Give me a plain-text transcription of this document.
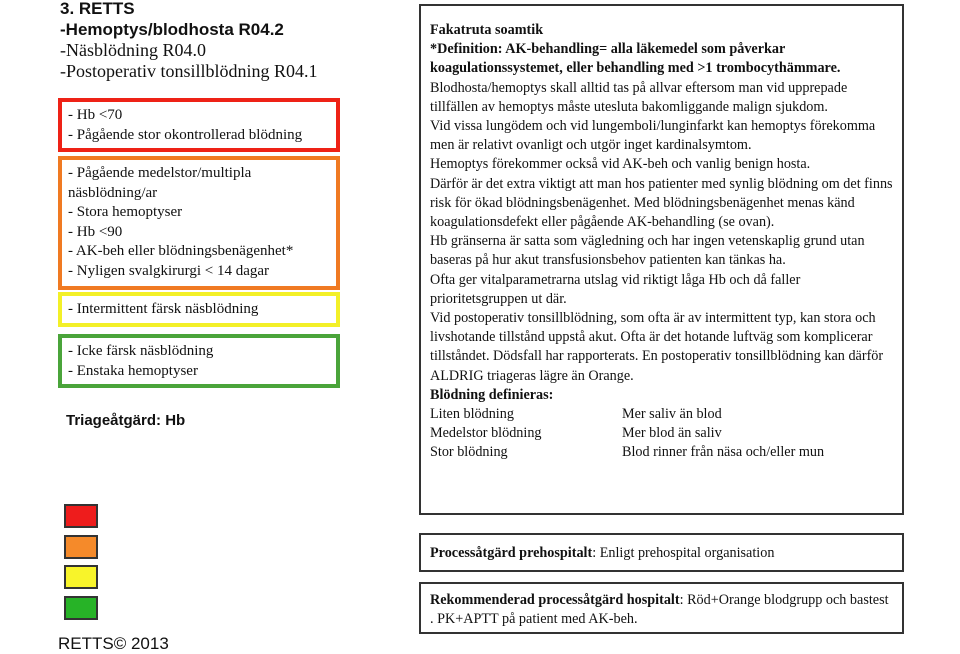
3. RETTS
-Hemoptys/blodhosta R04.2
-Näsblödning R04.0
-Postoperativ tonsillblödning R04.1
- Hb <70
- Pågående stor okontrollerad blödning
- Pågående medelstor/multipla
näsblödning/ar
- Stora hemoptyser
- Hb <90
- AK-beh eller blödningsbenägenhet*
- Nyligen svalgkirurgi < 14 dagar
- Intermittent färsk näsblödning
- Icke färsk näsblödning
- Enstaka hemoptyser
Triageåtgärd: Hb
RETTS© 2013
Fakatruta soamtik
*Definition: AK-behandling= alla läkemedel som påverkar koagulationssystemet, eller behandling med >1 trombocythämmare.
Blodhosta/hemoptys skall alltid tas på allvar eftersom man vid upprepade tillfällen av hemoptys måste utesluta bakomliggande malign sjukdom.
Vid vissa lungödem och vid lungemboli/lunginfarkt kan hemoptys förekomma men är relativt ovanligt och utgör inget kardinalsymtom.
Hemoptys förekommer också vid AK-beh och vanlig benign hosta.
Därför är det extra viktigt att man hos patienter med synlig blödning om det finns risk för ökad blödningsbenägenhet. Med blödningsbenägenhet menas känd koagulationsdefekt eller pågående AK-behandling (se ovan).
Hb gränserna är satta som vägledning och har ingen vetenskaplig grund utan baseras på hur akut transfusionsbehov patienten kan tänkas ha.
Ofta ger vitalparametrarna utslag vid riktigt låga Hb och då faller prioritetsgruppen ut där.
Vid postoperativ tonsillblödning, som ofta är av intermittent typ, kan stora och livshotande tillstånd uppstå akut. Ofta är det hotande luftväg som komplicerar tillståndet. Dödsfall har rapporterats. En postoperativ tonsillblödning kan därför ALDRIG triageras lägre än Orange.
Blödning definieras:
Liten blödning	Mer saliv än blod
Medelstor blödning	Mer blod än saliv
Stor blödning	Blod rinner från näsa och/eller mun
Processåtgärd prehospitalt: Enligt prehospital organisation
Rekommenderad processåtgärd hospitalt: Röd+Orange blodgrupp och bastest . PK+APTT på patient med AK-beh.
